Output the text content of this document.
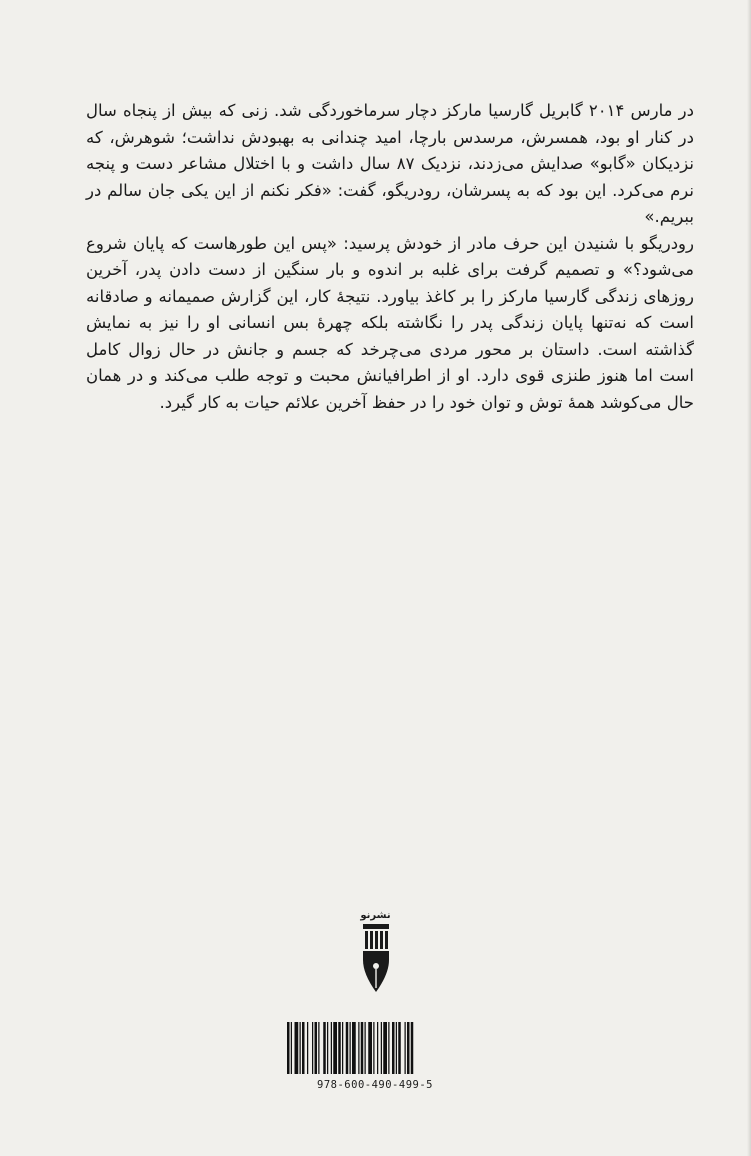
در مارس ۲۰۱۴ گابریل گارسیا مارکز دچار سرماخوردگی شد. زنی که بیش از پنجاه سال در کنار او بود، همسرش، مرسدس بارچا، امید چندانی به بهبودش نداشت؛ شوهرش، که نزدیکان «گابو» صدایش می‌زدند، نزدیک ۸۷ سال داشت و با اختلال مشاعر دست و پنجه نرم می‌کرد. این بود که به پسرشان، رودریگو، گفت: «فکر نکنم از این یکی جان سالم در ببریم.»

رودریگو با شنیدن این حرف مادر از خودش پرسید: «پس این طورهاست که پایان شروع می‌شود؟» و تصمیم گرفت برای غلبه بر اندوه و بار سنگین از دست دادن پدر، آخرین روزهای زندگی گارسیا مارکز را بر کاغذ بیاورد. نتیجهٔ کار، این گزارش صمیمانه و صادقانه است که نه‌تنها پایان زندگی پدر را نگاشته بلکه چهرهٔ بس انسانی او را نیز به نمایش گذاشته است. داستان بر محور مردی می‌چرخد که جسم و جانش در حال زوال کامل است اما هنوز طنزی قوی دارد. او از اطرافیانش محبت و توجه طلب می‌کند و در همان حال می‌کوشد همهٔ توش و توان خود را در حفظ آخرین علائم حیات به کار گیرد.

نشرنو
978-600-490-499-5
